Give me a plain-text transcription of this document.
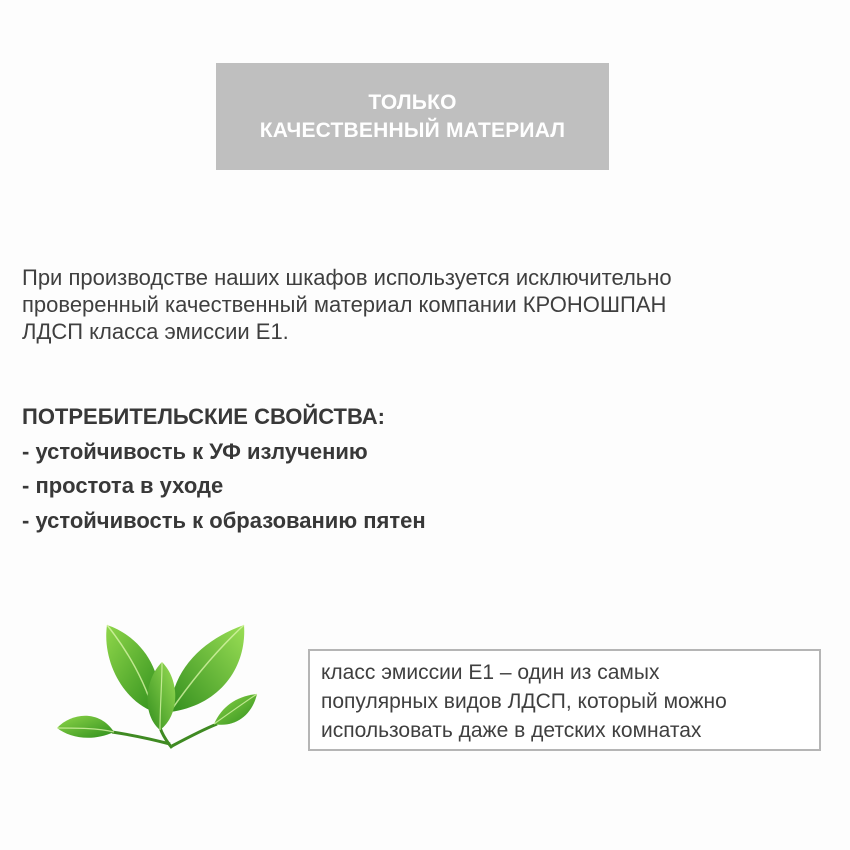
ТОЛЬКО
КАЧЕСТВЕННЫЙ МАТЕРИАЛ
При производстве наших шкафов используется исключительно
проверенный качественный материал компании КРОНОШПАН
ЛДСП класса эмиссии Е1.
ПОТРЕБИТЕЛЬСКИЕ СВОЙСТВА:
- устойчивость к УФ излучению
- простота в уходе
- устойчивость к образованию пятен
класс эмиссии Е1 – один из самых
популярных видов ЛДСП, который можно
использовать даже в детских комнатах
